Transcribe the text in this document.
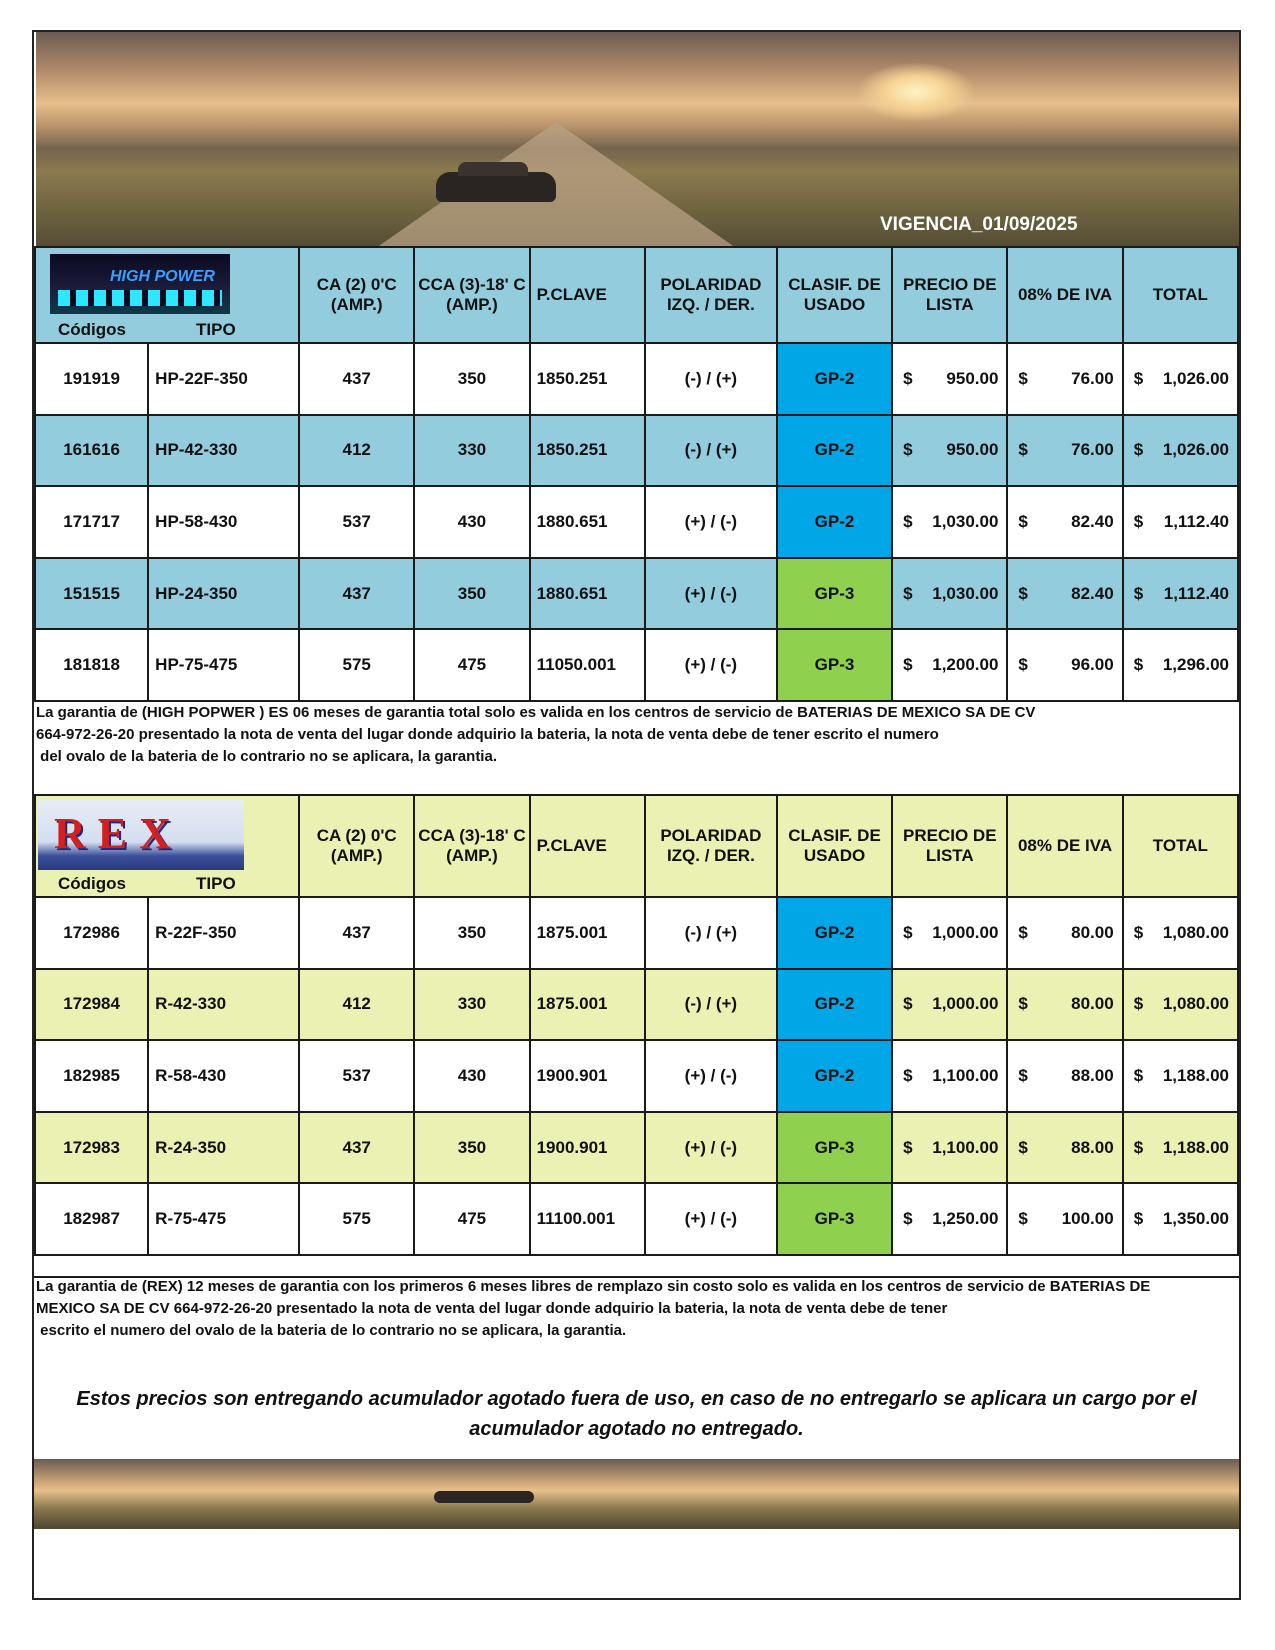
VIGENCIA_01/09/2025
HIGH POWER
Códigos TIPO		CA (2) 0'C (AMP.)	CCA (3)-18' C (AMP.)	P.CLAVE	POLARIDAD IZQ. / DER.	CLASIF. DE USADO	PRECIO DE LISTA	08% DE IVA	TOTAL
191919	HP-22F-350	437	350	1850.251	(-) / (+)	GP-2	$ 950.00	$ 76.00	$ 1,026.00

161616	HP-42-330	412	330	1850.251	(-) / (+)	GP-2	$ 950.00	$ 76.00	$ 1,026.00

171717	HP-58-430	537	430	1880.651	(+) / (-)	GP-2	$ 1,030.00	$ 82.40	$ 1,112.40

151515	HP-24-350	437	350	1880.651	(+) / (-)	GP-3	$ 1,030.00	$ 82.40	$ 1,112.40

181818	HP-75-475	575	475	11050.001	(+) / (-)	GP-3	$ 1,200.00	$ 96.00	$ 1,296.00
La garantia de (HIGH POPWER ) ES 06 meses de garantia total solo es valida en los centros de servicio de BATERIAS DE MEXICO SA DE CV
664-972-26-20 presentado la nota de venta del lugar donde adquirio la bateria, la nota de venta debe de tener escrito el numero
del ovalo de la bateria de lo contrario no se aplicara, la garantia.
REX
Códigos TIPO		CA (2) 0'C (AMP.)	CCA (3)-18' C (AMP.)	P.CLAVE	POLARIDAD IZQ. / DER.	CLASIF. DE USADO	PRECIO DE LISTA	08% DE IVA	TOTAL
172986	R-22F-350	437	350	1875.001	(-) / (+)	GP-2	$ 1,000.00	$ 80.00	$ 1,080.00

172984	R-42-330	412	330	1875.001	(-) / (+)	GP-2	$ 1,000.00	$ 80.00	$ 1,080.00

182985	R-58-430	537	430	1900.901	(+) / (-)	GP-2	$ 1,100.00	$ 88.00	$ 1,188.00

172983	R-24-350	437	350	1900.901	(+) / (-)	GP-3	$ 1,100.00	$ 88.00	$ 1,188.00

182987	R-75-475	575	475	11100.001	(+) / (-)	GP-3	$ 1,250.00	$ 100.00	$ 1,350.00
La garantia de (REX) 12 meses de garantia con los primeros 6 meses libres de remplazo sin costo solo es valida en los centros de servicio de BATERIAS DE
MEXICO SA DE CV 664-972-26-20 presentado la nota de venta del lugar donde adquirio la bateria, la nota de venta debe de tener
escrito el numero del ovalo de la bateria de lo contrario no se aplicara, la garantia.
Estos precios son entregando acumulador agotado fuera de uso, en caso de no entregarlo se aplicara un cargo por el acumulador agotado no entregado.
